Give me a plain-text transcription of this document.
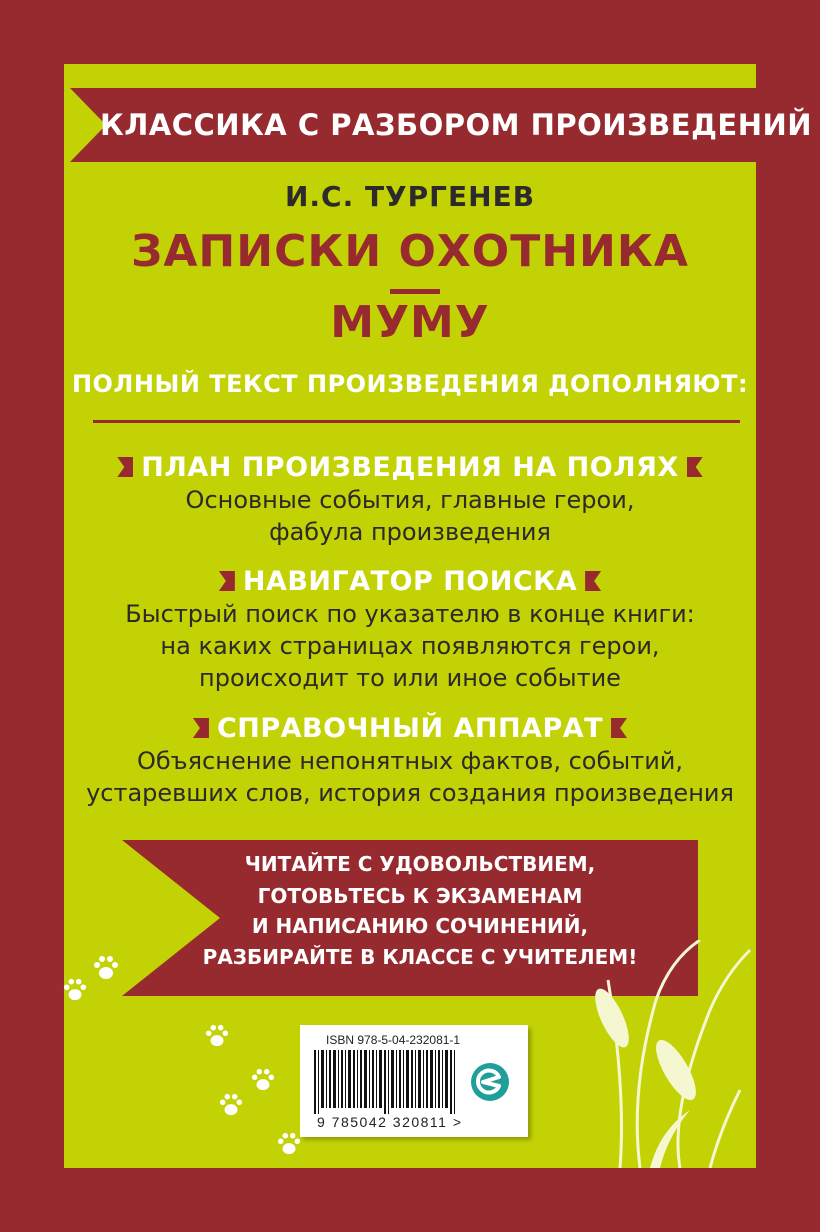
КЛАССИКА С РАЗБОРОМ ПРОИЗВЕДЕНИЙ
И.С. ТУРГЕНЕВ
ЗАПИСКИ ОХОТНИКА
МУМУ
ПОЛНЫЙ ТЕКСТ ПРОИЗВЕДЕНИЯ ДОПОЛНЯЮТ:
ПЛАН ПРОИЗВЕДЕНИЯ НА ПОЛЯХ
Основные события, главные герои,
фабула произведения
НАВИГАТОР ПОИСКА
Быстрый поиск по указателю в конце книги:
на каких страницах появляются герои,
происходит то или иное событие
СПРАВОЧНЫЙ АППАРАТ
Объяснение непонятных фактов, событий,
устаревших слов, история создания произведения
ЧИТАЙТЕ С УДОВОЛЬСТВИЕМ,
ГОТОВЬТЕСЬ К ЭКЗАМЕНАМ
И НАПИСАНИЮ СОЧИНЕНИЙ,
РАЗБИРАЙТЕ В КЛАССЕ С УЧИТЕЛЕМ!
ISBN 978-5-04-232081-1
9 785042 320811 >
